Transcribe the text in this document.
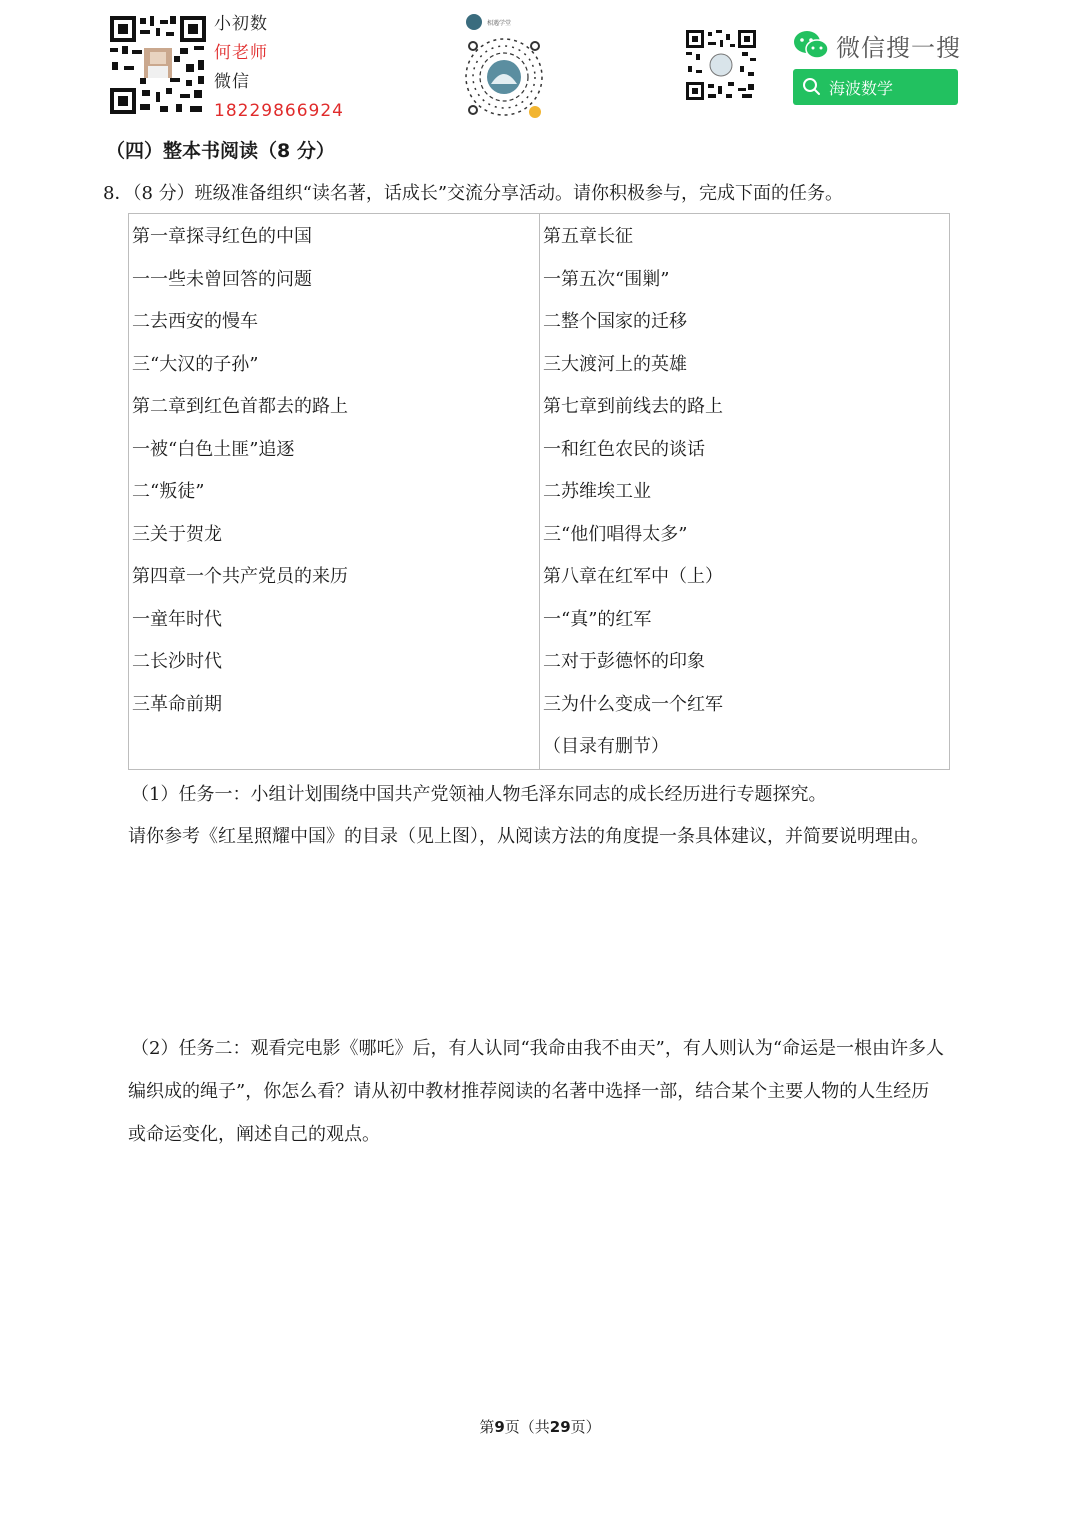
小初数
何老师
微信
18229866924
相遇学堂
微信搜一搜
海波数学
（四）整本书阅读（8 分）
8．（8 分）班级准备组织“读名著，话成长”交流分享活动。请你积极参与，完成下面的任务。
第一章探寻红色的中国
一一些未曾回答的问题
二去西安的慢车
三“大汉的子孙”
第二章到红色首都去的路上
一被“白色土匪”追逐
二“叛徒”
三关于贺龙
第四章一个共产党员的来历
一童年时代
二长沙时代
三革命前期
第五章长征
一第五次“围剿”
二整个国家的迁移
三大渡河上的英雄
第七章到前线去的路上
一和红色农民的谈话
二苏维埃工业
三“他们唱得太多”
第八章在红军中（上）
一“真”的红军
二对于彭德怀的印象
三为什么变成一个红军
（目录有删节）
（1）任务一：小组计划围绕中国共产党领袖人物毛泽东同志的成长经历进行专题探究。
请你参考《红星照耀中国》的目录（见上图），从阅读方法的角度提一条具体建议，并简要说明理由。
（2）任务二：观看完电影《哪吒》后，有人认同“我命由我不由天”，有人则认为“命运是一根由许多人
编织成的绳子”，你怎么看？请从初中教材推荐阅读的名著中选择一部，结合某个主要人物的人生经历
或命运变化，阐述自己的观点。
第9页（共29页）
